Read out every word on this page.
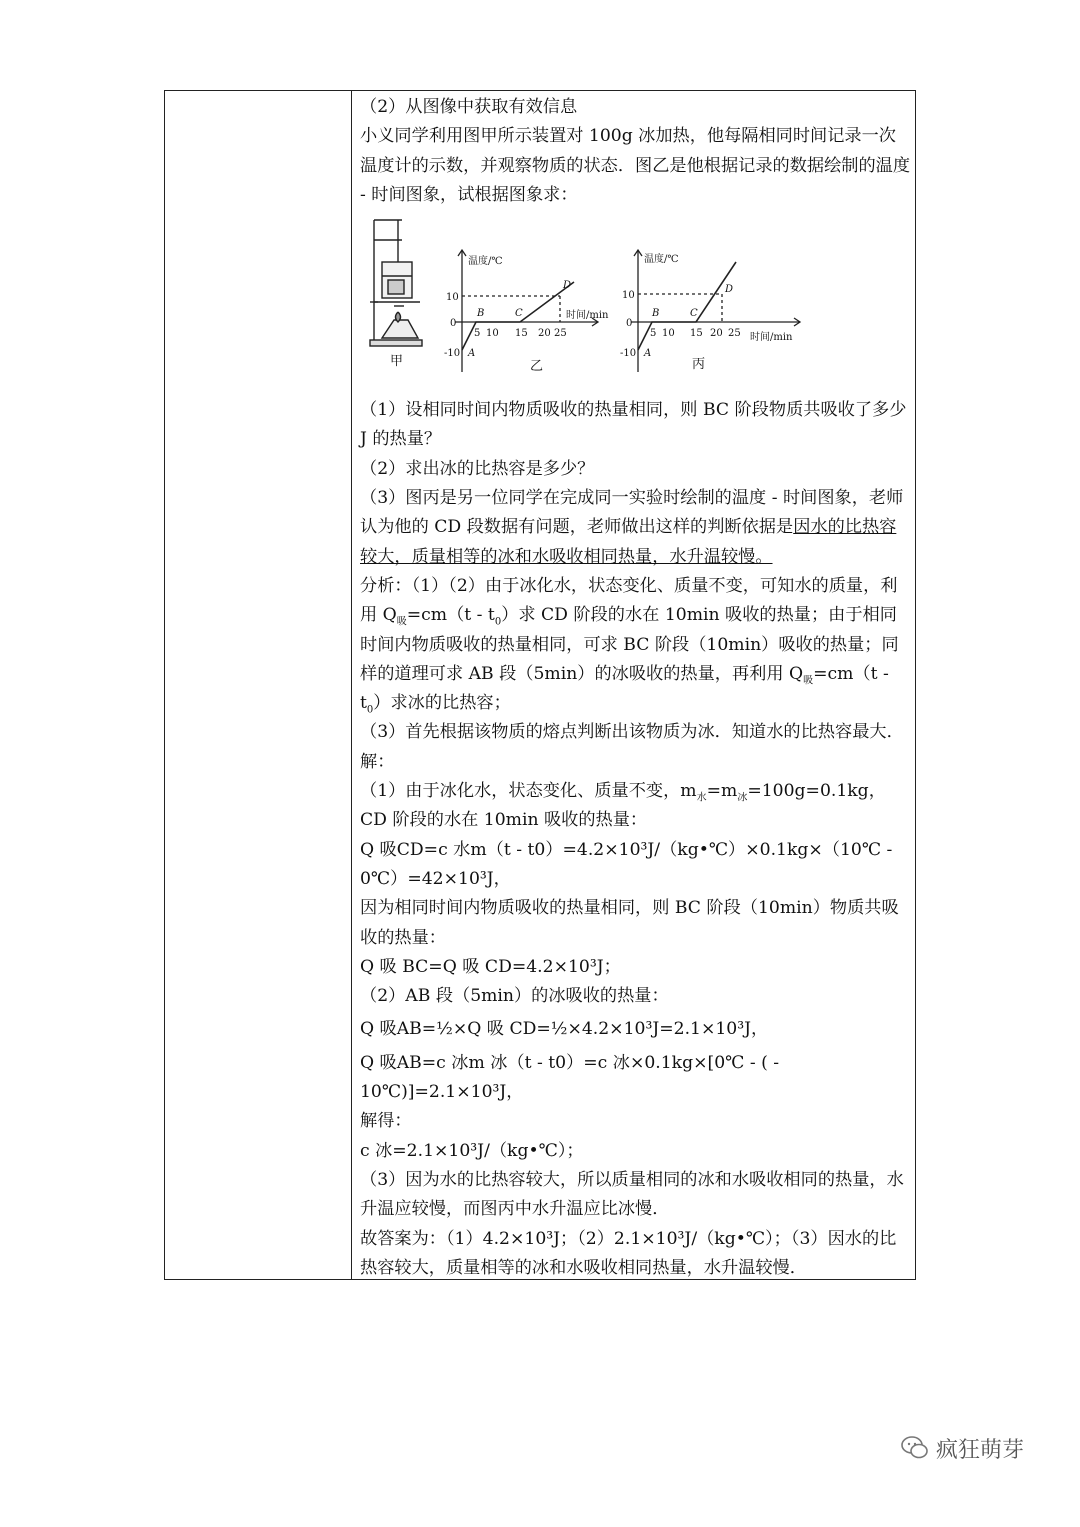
（2）从图像中获取有效信息

小义同学利用图甲所示装置对 100g 冰加热，他每隔相同时间记录一次温度计的示数，并观察物质的状态．图乙是他根据记录的数据绘制的温度 - 时间图象，试根据图象求：

甲
温度/℃
10
0
-10
5 10 15 20 25
时间/min
A
B	C
D
乙
温度/℃
10
0
-10
5 10 15 20 25 时间/min
A
B	C
D
丙

（1）设相同时间内物质吸收的热量相同，则 BC 阶段物质共吸收了多少 J 的热量？

（2）求出冰的比热容是多少？

（3）图丙是另一位同学在完成同一实验时绘制的温度 - 时间图象，老师认为他的 CD 段数据有问题，老师做出这样的判断依据是因水的比热容较大，质量相等的冰和水吸收相同热量，水升温较慢。

分析：（1）（2）由于冰化水，状态变化、质量不变，可知水的质量，利用 $Q_吸=cm(t - t_0)$求 CD 阶段的水在 10min 吸收的热量；由于相同时间内物质吸收的热量相同，可求 BC 阶段（10min）吸收的热量；同样的道理可求 AB 段（5min）的冰吸收的热量，再利用 $Q_吸=cm(t - t_0)$求冰的比热容；

（3）首先根据该物质的熔点判断出该物质为冰．知道水的比热容最大．

解：

（1）由于冰化水，状态变化、质量不变，$m_水=m_冰=100g=0.1kg$，

CD 阶段的水在 10min 吸收的热量：

Q 吸CD=c 水m（t - t0）=4.2×10³J/（kg•℃）×0.1kg×（10℃ - 0℃）=42×10³J，

因为相同时间内物质吸收的热量相同，则 BC 阶段（10min）物质共吸收的热量：

Q 吸 BC=Q 吸 CD=4.2×10³J；

（2）AB 段（5min）的冰吸收的热量：

Q 吸AB=½×Q 吸 CD=½×4.2×10³J=2.1×10³J，

Q 吸AB=c 冰m 冰（t - t0）=c 冰×0.1kg×[0℃ - ( - 10℃)]=2.1×10³J，

解得：

c 冰=2.1×10³J/（kg•℃）；

（3）因为水的比热容较大，所以质量相同的冰和水吸收相同的热量，水升温应较慢，而图丙中水升温应比冰慢．

故答案为：（1）4.2×10³J；（2）2.1×10³J/（kg•℃）；（3）因水的比热容较大，质量相等的冰和水吸收相同热量，水升温较慢．

疯狂萌芽
